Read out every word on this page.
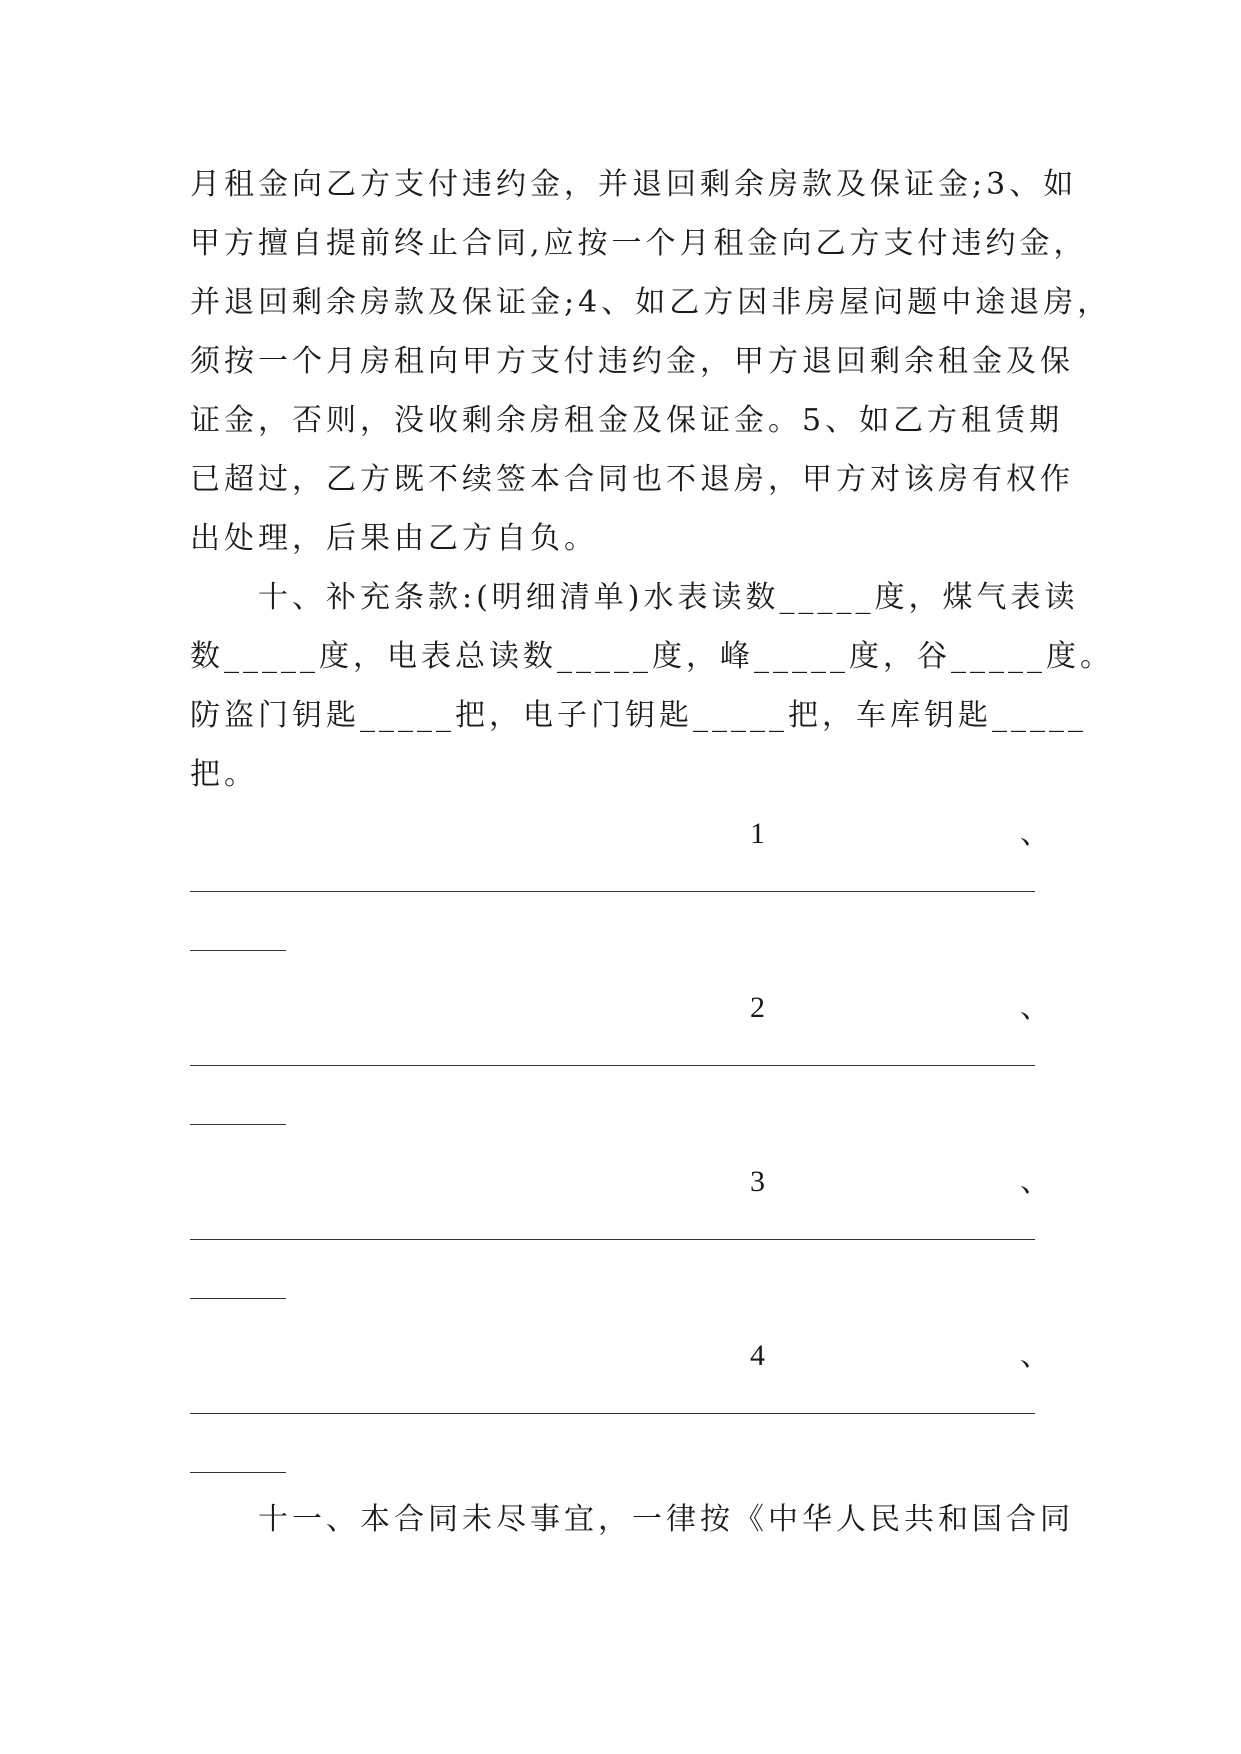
月租金向乙方支付违约金，并退回剩余房款及保证金;3、如
甲方擅自提前终止合同,应按一个月租金向乙方支付违约金，
并退回剩余房款及保证金;4、如乙方因非房屋问题中途退房，
须按一个月房租向甲方支付违约金，甲方退回剩余租金及保
证金，否则，没收剩余房租金及保证金。5、如乙方租赁期
已超过，乙方既不续签本合同也不退房，甲方对该房有权作
出处理，后果由乙方自负。
十、补充条款:(明细清单)水表读数_____度，煤气表读
数_____度，电表总读数_____度，峰_____度，谷_____度。
防盗门钥匙_____把，电子门钥匙_____把，车库钥匙_____
把。
1	、
2	、
3	、
4	、
十一、本合同未尽事宜，一律按《中华人民共和国合同
